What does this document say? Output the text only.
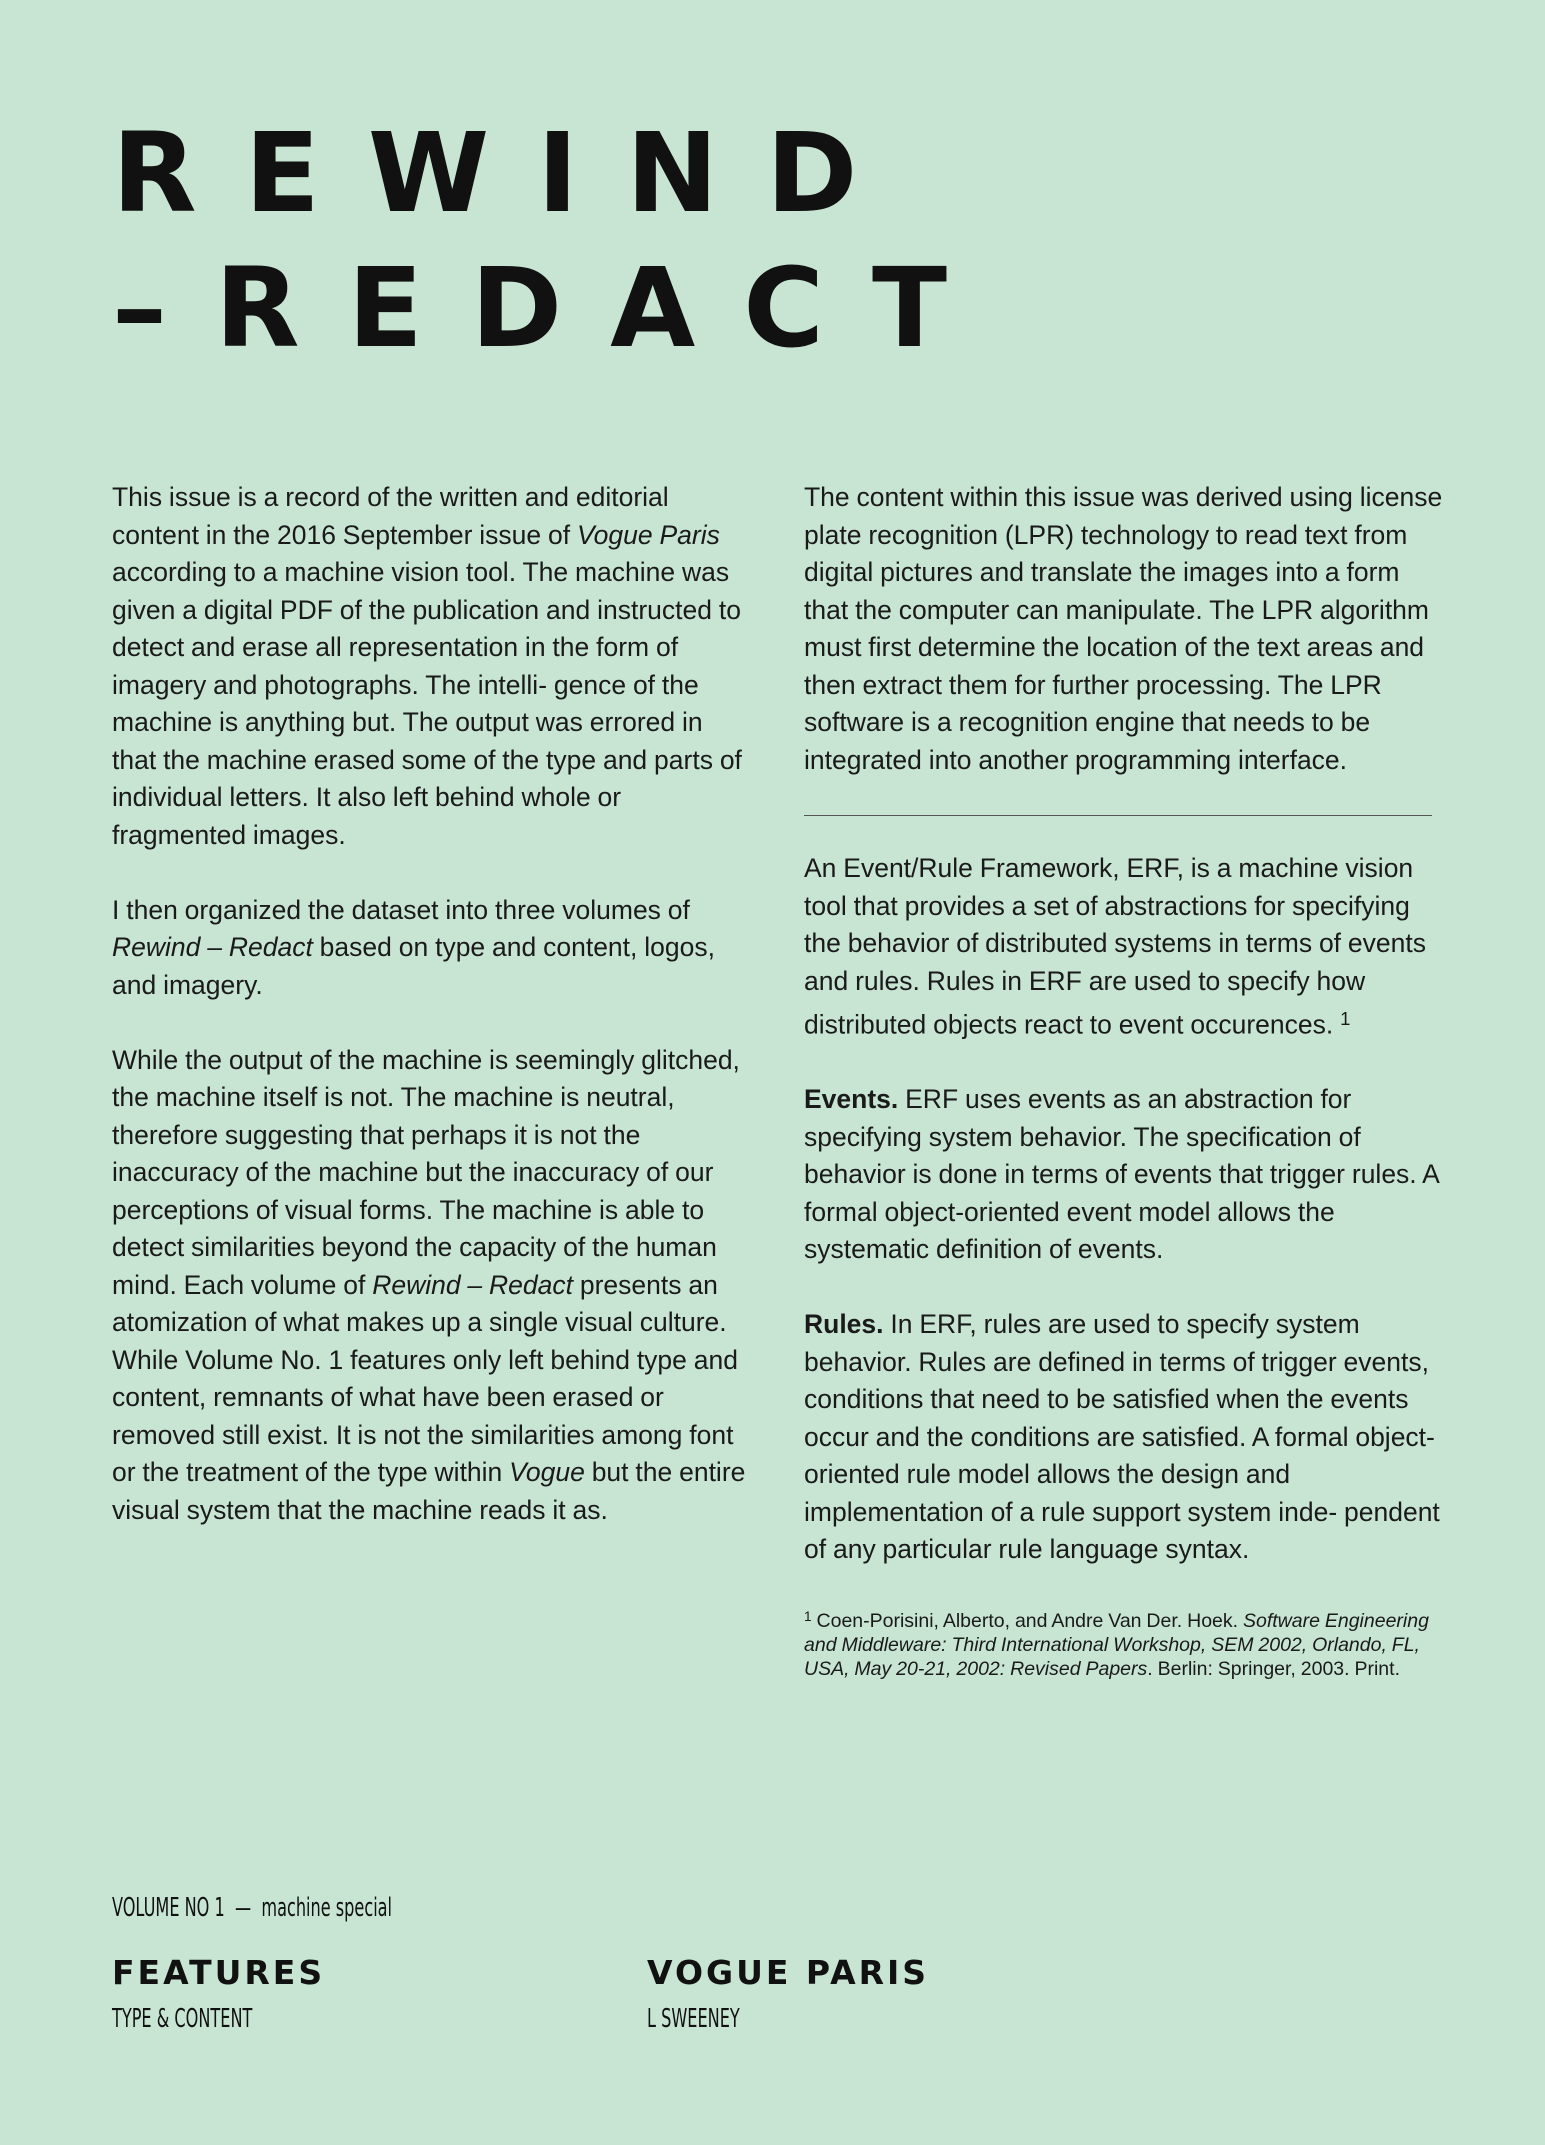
REWIND
–REDACT

This issue is a record of the written and editorial content in the 2016 September issue of Vogue Paris according to a machine vision tool. The machine was given a digital PDF of the publication and instructed to detect and erase all representation in the form of imagery and photographs. The intelli- gence of the machine is anything but. The output was errored in that the machine erased some of the type and parts of individual letters. It also left behind whole or fragmented images.

I then organized the dataset into three volumes of Rewind – Redact based on type and content, logos, and imagery.

While the output of the machine is seemingly glitched, the machine itself is not. The machine is neutral, therefore suggesting that perhaps it is not the inaccuracy of the machine but the inaccuracy of our perceptions of visual forms. The machine is able to detect similarities beyond the capacity of the human mind. Each volume of Rewind – Redact presents an atomization of what makes up a single visual culture. While Volume No. 1 features only left behind type and content, remnants of what have been erased or removed still exist. It is not the similarities among font or the treatment of the type within Vogue but the entire visual system that the machine reads it as.

The content within this issue was derived using license plate recognition (LPR) technology to read text from digital pictures and translate the images into a form that the computer can manipulate. The LPR algorithm must first determine the location of the text areas and then extract them for further processing. The LPR software is a recognition engine that needs to be integrated into another programming interface.

An Event/Rule Framework, ERF, is a machine vision tool that provides a set of abstractions for specifying the behavior of distributed systems in terms of events and rules. Rules in ERF are used to specify how distributed objects react to event occurences. $^1$

Events. ERF uses events as an abstraction for specifying system behavior. The specification of behavior is done in terms of events that trigger rules. A formal object-oriented event model allows the systematic definition of events.

Rules. In ERF, rules are used to specify system behavior. Rules are defined in terms of trigger events, conditions that need to be satisfied when the events occur and the conditions are satisfied. A formal object-oriented rule model allows the design and implementation of a rule support system inde- pendent of any particular rule language syntax.

$^1$ Coen-Porisini, Alberto, and Andre Van Der. Hoek. Software Engineering and Middleware: Third International Workshop, SEM 2002, Orlando, FL, USA, May 20-21, 2002: Revised Papers. Berlin: Springer, 2003. Print.

VOLUME NO 1 — machine special
FEATURES
TYPE & CONTENT
VOGUE PARIS
L SWEENEY
